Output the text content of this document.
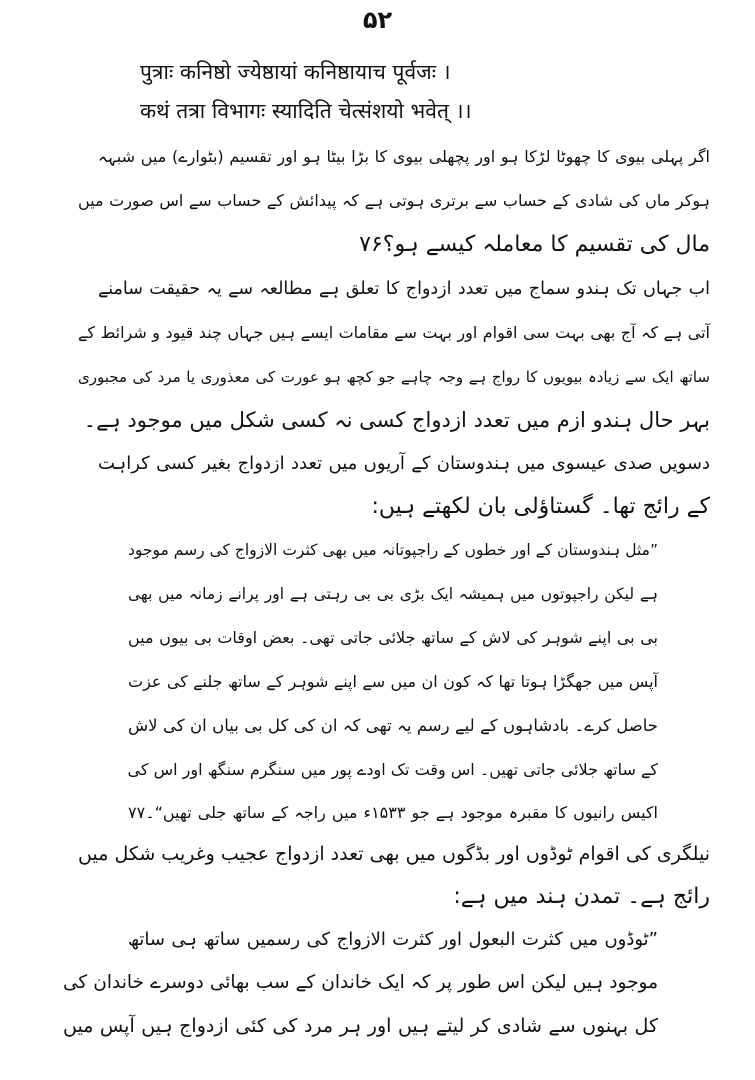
۵۲
पुत्राः कनिष्ठो ज्येष्ठायां कनिष्ठायाच पूर्वजः ।
कथं तत्रा विभागः स्यादिति चेत्संशयो भवेत् ।।
اگر پہلی بیوی کا چھوٹا لڑکا ہو اور پچھلی بیوی کا بڑا بیٹا ہو اور تقسیم (بٹوارے) میں شبہہ
ہوکر ماں کی شادی کے حساب سے برتری ہوتی ہے کہ پیدائش کے حساب سے اس صورت میں
مال کی تقسیم کا معاملہ کیسے ہو؟۷۶
اب جہاں تک ہندو سماج میں تعدد ازدواج کا تعلق ہے مطالعہ سے یہ حقیقت سامنے
آتی ہے کہ آج بھی بہت سی اقوام اور بہت سے مقامات ایسے ہیں جہاں چند قیود و شرائط کے
ساتھ ایک سے زیادہ بیویوں کا رواج ہے وجہ چاہے جو کچھ ہو عورت کی معذوری یا مرد کی مجبوری
بہر حال ہندو ازم میں تعدد ازدواج کسی نہ کسی شکل میں موجود ہے۔
دسویں صدی عیسوی میں ہندوستان کے آریوں میں تعدد ازدواج بغیر کسی کراہت
کے رائج تھا۔ گستاؤلی بان لکھتے ہیں:
”مثل ہندوستان کے اور خطوں کے راجپوتانہ میں بھی کثرت الازواج کی رسم موجود
ہے لیکن راجپوتوں میں ہمیشہ ایک بڑی بی بی رہتی ہے اور پرانے زمانہ میں بھی
بی بی اپنے شوہر کی لاش کے ساتھ جلائی جاتی تھی۔ بعض اوقات بی بیوں میں
آپس میں جھگڑا ہوتا تھا کہ کون ان میں سے اپنے شوہر کے ساتھ جلنے کی عزت
حاصل کرے۔ بادشاہوں کے لیے رسم یہ تھی کہ ان کی کل بی بیاں ان کی لاش
کے ساتھ جلائی جاتی تھیں۔ اس وقت تک اودے پور میں سنگرم سنگھ اور اس کی
اکیس رانیوں کا مقبرہ موجود ہے جو ۱۵۳۳ء میں راجہ کے ساتھ جلی تھیں“۔۷۷
نیلگری کی اقوام ٹوڈوں اور بڈگوں میں بھی تعدد ازدواج عجیب وغریب شکل میں
رائج ہے۔ تمدن ہند میں ہے:
”ٹوڈوں میں کثرت البعول اور کثرت الازواج کی رسمیں ساتھ ہی ساتھ
موجود ہیں لیکن اس طور پر کہ ایک خاندان کے سب بھائی دوسرے خاندان کی
کل بہنوں سے شادی کر لیتے ہیں اور ہر مرد کی کئی ازدواج ہیں آپس میں
